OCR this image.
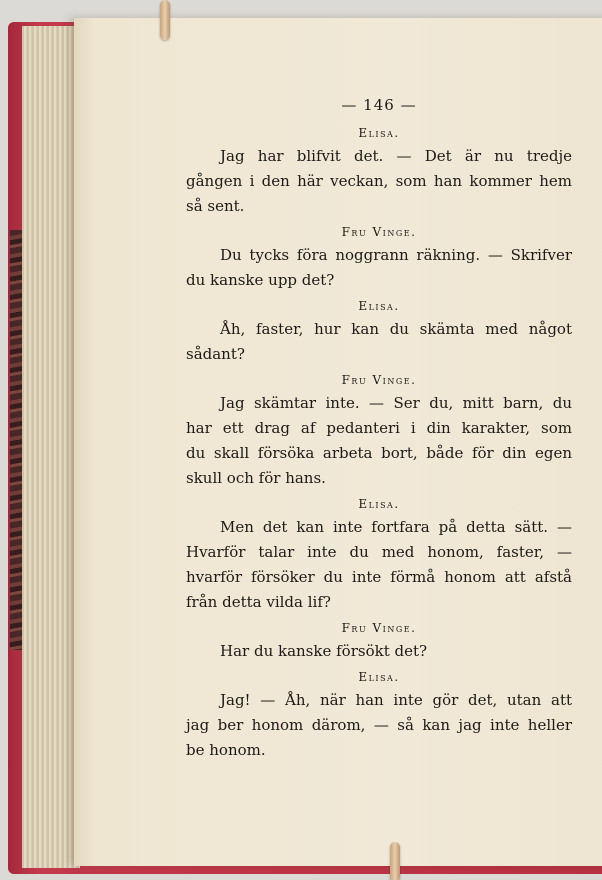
— 146 —
Elisa.
Jag har blifvit det. — Det är nu tredje
gången i den här veckan, som han kommer hem
så sent.
Fru Vinge.
Du tycks föra noggrann räkning. — Skrifver
du kanske upp det?
Elisa.
Åh, faster, hur kan du skämta med något
sådant?
Fru Vinge.
Jag skämtar inte. — Ser du, mitt barn, du
har ett drag af pedanteri i din karakter, som
du skall försöka arbeta bort, både för din egen
skull och för hans.
Elisa.
Men det kan inte fortfara på detta sätt. —
Hvarför talar inte du med honom, faster, —
hvarför försöker du inte förmå honom att afstå
från detta vilda lif?
Fru Vinge.
Har du kanske försökt det?
Elisa.
Jag! — Åh, när han inte gör det, utan att
jag ber honom därom, — så kan jag inte heller
be honom.
